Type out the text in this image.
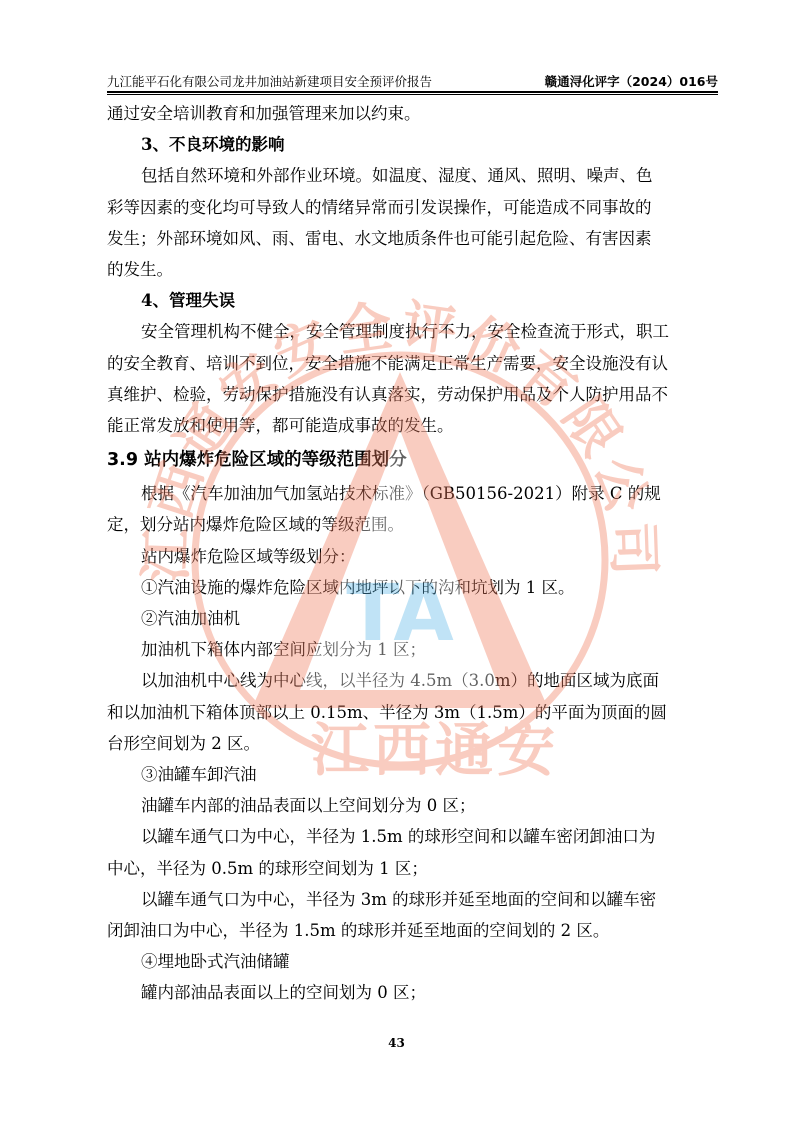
九江能平石化有限公司龙井加油站新建项目安全预评价报告	赣通浔化评字（2024）016号

通过安全培训教育和加强管理来加以约束。

3、不良环境的影响

包括自然环境和外部作业环境。如温度、湿度、通风、照明、噪声、色

彩等因素的变化均可导致人的情绪异常而引发误操作，可能造成不同事故的

发生；外部环境如风、雨、雷电、水文地质条件也可能引起危险、有害因素

的发生。

4、管理失误

安全管理机构不健全，安全管理制度执行不力，安全检查流于形式，职工

的安全教育、培训不到位，安全措施不能满足正常生产需要，安全设施没有认

真维护、检验，劳动保护措施没有认真落实，劳动保护用品及个人防护用品不

能正常发放和使用等，都可能造成事故的发生。

3.9 站内爆炸危险区域的等级范围划分

根据《汽车加油加气加氢站技术标准》（GB50156-2021）附录 C 的规

定，划分站内爆炸危险区域的等级范围。

站内爆炸危险区域等级划分：

①汽油设施的爆炸危险区域内地坪以下的沟和坑划为 1 区。

②汽油加油机

加油机下箱体内部空间应划分为 1 区；

以加油机中心线为中心线，以半径为 4.5m（3.0m）的地面区域为底面

和以加油机下箱体顶部以上 0.15m、半径为 3m（1.5m）的平面为顶面的圆

台形空间划为 2 区。

③油罐车卸汽油

油罐车内部的油品表面以上空间划分为 0 区；

以罐车通气口为中心，半径为 1.5m 的球形空间和以罐车密闭卸油口为

中心，半径为 0.5m 的球形空间划为 1 区；

以罐车通气口为中心，半径为 3m 的球形并延至地面的空间和以罐车密

闭卸油口为中心，半径为 1.5m 的球形并延至地面的空间划的 2 区。

④埋地卧式汽油储罐

罐内部油品表面以上的空间划为 0 区；

43
江西通安安全评价有限公司
TA
江西通安
